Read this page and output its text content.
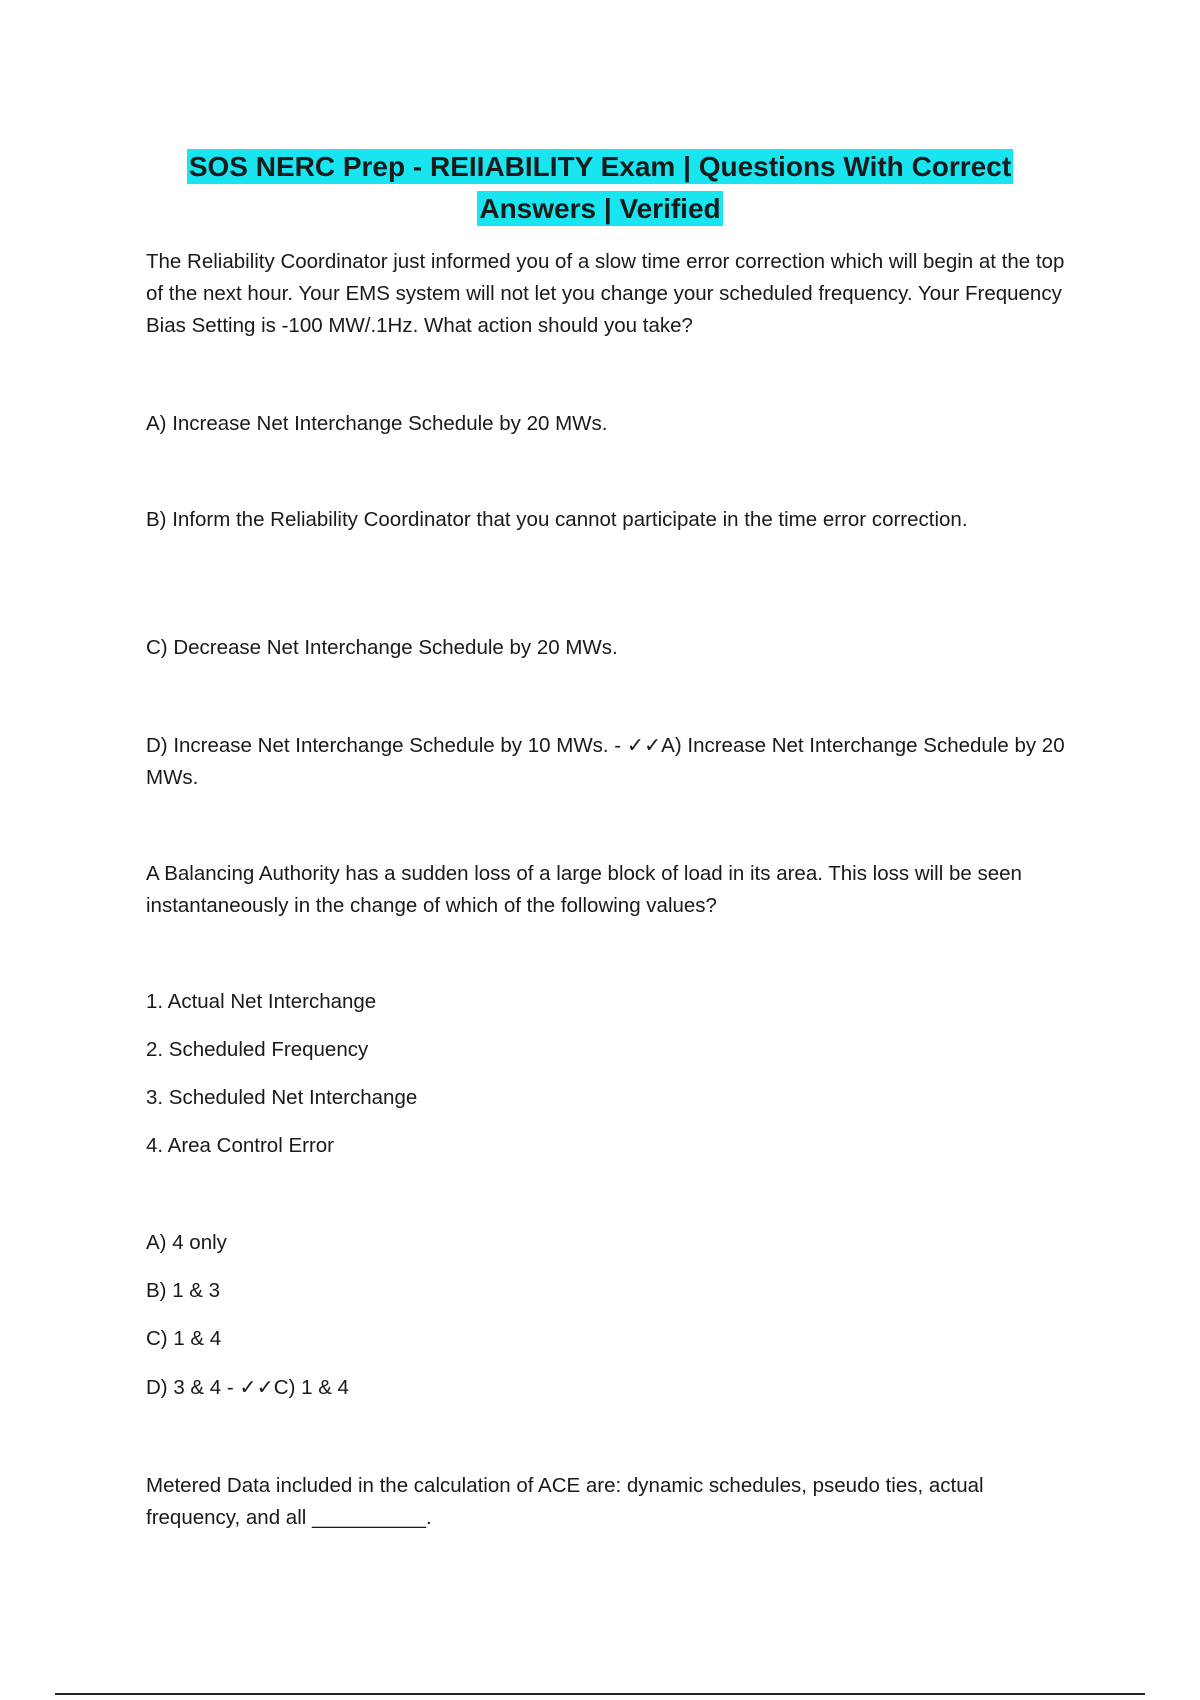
SOS NERC Prep - REIIABILITY Exam | Questions With Correct
Answers | Verified

The Reliability Coordinator just informed you of a slow time error correction which will begin at the top of the next hour. Your EMS system will not let you change your scheduled frequency. Your Frequency Bias Setting is -100 MW/.1Hz. What action should you take?

A) Increase Net Interchange Schedule by 20 MWs.

B) Inform the Reliability Coordinator that you cannot participate in the time error correction.

C) Decrease Net Interchange Schedule by 20 MWs.

D) Increase Net Interchange Schedule by 10 MWs. - ✓✓A) Increase Net Interchange Schedule by 20 MWs.

A Balancing Authority has a sudden loss of a large block of load in its area. This loss will be seen instantaneously in the change of which of the following values?

1. Actual Net Interchange

2. Scheduled Frequency

3. Scheduled Net Interchange

4. Area Control Error

A) 4 only

B) 1 & 3

C) 1 & 4

D) 3 & 4 - ✓✓C) 1 & 4

Metered Data included in the calculation of ACE are: dynamic schedules, pseudo ties, actual frequency, and all __________.
